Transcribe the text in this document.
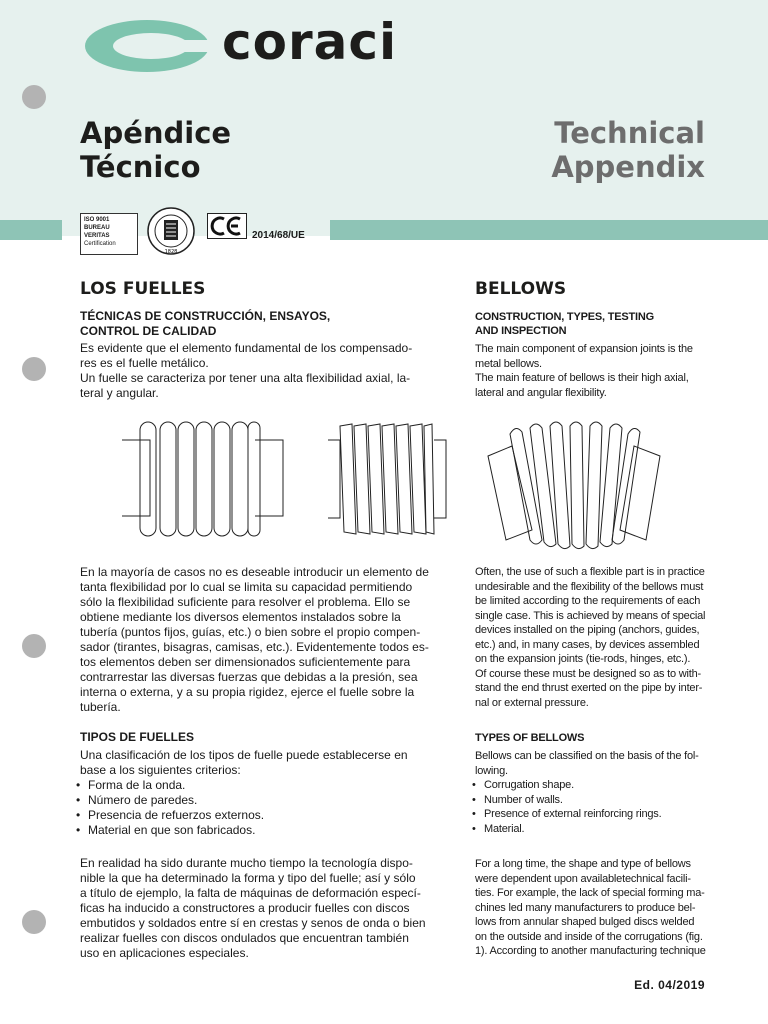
coraci
Apéndice
Técnico
Technical
Appendix
ISO 9001
BUREAU VERITAS
Certification
1828
2014/68/UE
LOS FUELLES
TÉCNICAS DE CONSTRUCCIÓN, ENSAYOS,
CONTROL DE CALIDAD
Es evidente que el elemento fundamental de los compensado-
res es el fuelle metálico.
Un fuelle se caracteriza por tener una alta flexibilidad axial, la-
teral y angular.
En la mayoría de casos no es deseable introducir un elemento de
tanta flexibilidad por lo cual se limita su capacidad permitiendo
sólo la flexibilidad suficiente para resolver el problema. Ello se
obtiene mediante los diversos elementos instalados sobre la
tubería (puntos fijos, guías, etc.) o bien sobre el propio compen-
sador (tirantes, bisagras, camisas, etc.). Evidentemente todos es-
tos elementos deben ser dimensionados suficientemente para
contrarrestar las diversas fuerzas que debidas a la presión, sea
interna o externa, y a su propia rigidez, ejerce el fuelle sobre la
tubería.
TIPOS DE FUELLES
Una clasificación de los tipos de fuelle puede establecerse en
base a los siguientes criterios:
• Forma de la onda.
• Número de paredes.
• Presencia de refuerzos externos.
• Material en que son fabricados.
En realidad ha sido durante mucho tiempo la tecnología dispo-
nible la que ha determinado la forma y tipo del fuelle; así y sólo
a título de ejemplo, la falta de máquinas de deformación especí-
ficas ha inducido a constructores a producir fuelles con discos
embutidos y soldados entre sí en crestas y senos de onda o bien
realizar fuelles con discos ondulados que encuentran también
uso en aplicaciones especiales.
BELLOWS
CONSTRUCTION, TYPES, TESTING
AND INSPECTION
The main component of expansion joints is the
metal bellows.
The main feature of bellows is their high axial,
lateral and angular flexibility.
Often, the use of such a flexible part is in practice
undesirable and the flexibility of the bellows must
be limited according to the requirements of each
single case. This is achieved by means of special
devices installed on the piping (anchors, guides,
etc.) and, in many cases, by devices assembled
on the expansion joints (tie-rods, hinges, etc.).
Of course these must be designed so as to with-
stand the end thrust exerted on the pipe by inter-
nal or external pressure.
TYPES OF BELLOWS
Bellows can be classified on the basis of the fol-
lowing.
• Corrugation shape.
• Number of walls.
• Presence of external reinforcing rings.
• Material.
For a long time, the shape and type of bellows
were dependent upon availabletechnical facili-
ties. For example, the lack of special forming ma-
chines led many manufacturers to produce bel-
lows from annular shaped bulged discs welded
on the outside and inside of the corrugations (fig.
1). According to another manufacturing technique
Ed. 04/2019
